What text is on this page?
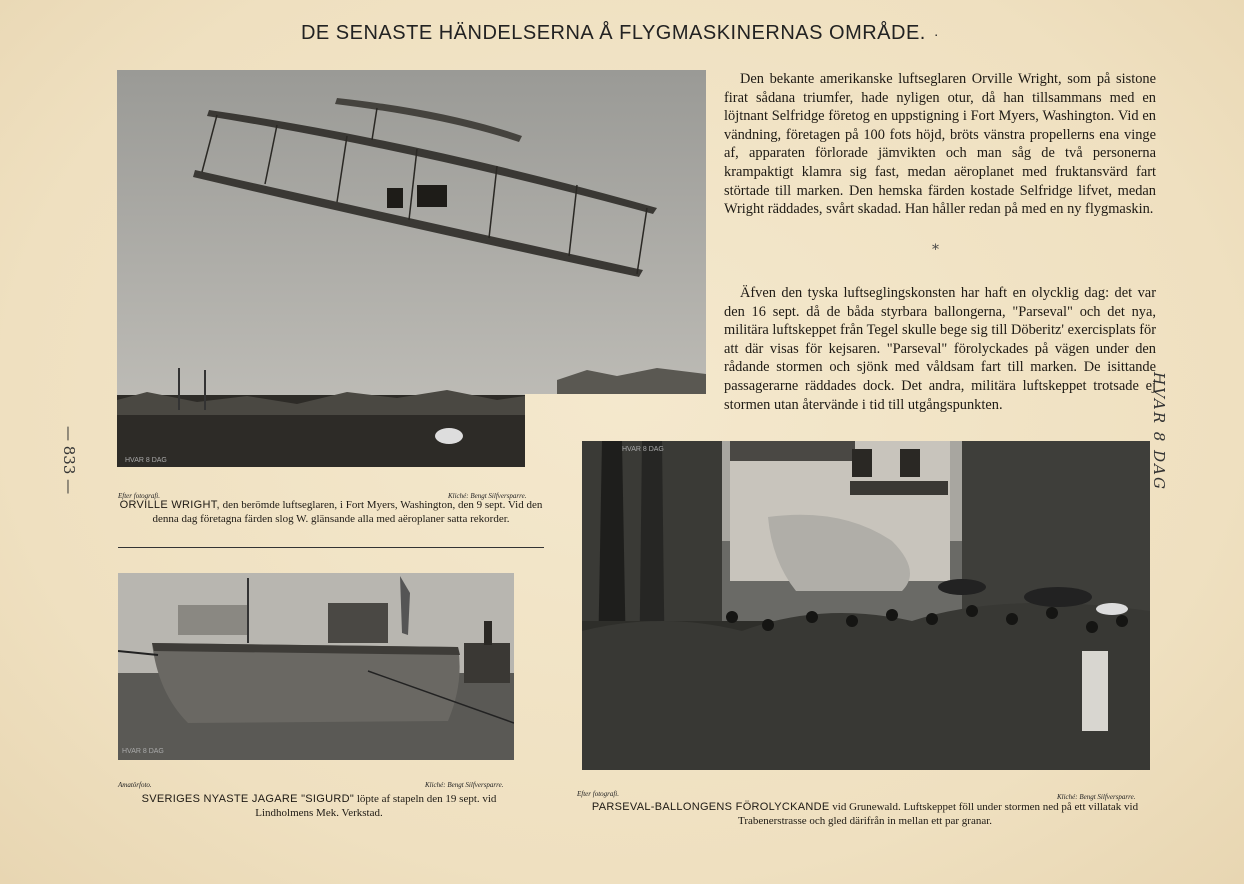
DE SENASTE HÄNDELSERNA Å FLYGMASKINERNAS OMRÅDE. ·
— 833 —	HVAR 8 DAG
HVAR 8 DAG
Efter fotografi.	Kliché: Bengt Silfversparre.
ORVILLE WRIGHT, den berömde luftseglaren, i Fort Myers, Washington, den 9 sept. Vid den denna dag företagna färden slog W. glänsande alla med aëroplaner satta rekorder.
HVAR 8 DAG
Amatörfoto.	Kliché: Bengt Silfversparre.
SVERIGES NYASTE JAGARE "SIGURD" löpte af stapeln den 19 sept. vid Lindholmens Mek. Verkstad.
Den bekante amerikanske luftseglaren Orville Wright, som på sistone firat sådana triumfer, hade nyligen otur, då han tillsammans med en löjtnant Selfridge företog en uppstigning i Fort Myers, Washington. Vid en vändning, företagen på 100 fots höjd, bröts vänstra propellerns ena vinge af, apparaten förlorade jämvikten och man såg de två personerna krampaktigt klamra sig fast, medan aëroplanet med fruktansvärd fart störtade till marken. Den hemska färden kostade Selfridge lifvet, medan Wright räddades, svårt skadad. Han håller redan på med en ny flygmaskin.
*
Äfven den tyska luftseglingskonsten har haft en olycklig dag: det var den 16 sept. då de båda styrbara ballongerna, "Parseval" och det nya, militära luftskeppet från Tegel skulle bege sig till Döberitz' exercisplats för att där visas för kejsaren. "Parseval" förolyckades på vägen under den rådande stormen och sjönk med våldsam fart till marken. De isittande passagerarne räddades dock. Det andra, militära luftskeppet trotsade ej stormen utan återvände i tid till utgångspunkten.
HVAR 8 DAG
Efter fotografi.	Kliché: Bengt Silfversparre.
PARSEVAL-BALLONGENS FÖROLYCKANDE vid Grunewald. Luftskeppet föll under stormen ned på ett villatak vid Trabenerstrasse och gled därifrån in mellan ett par granar.
